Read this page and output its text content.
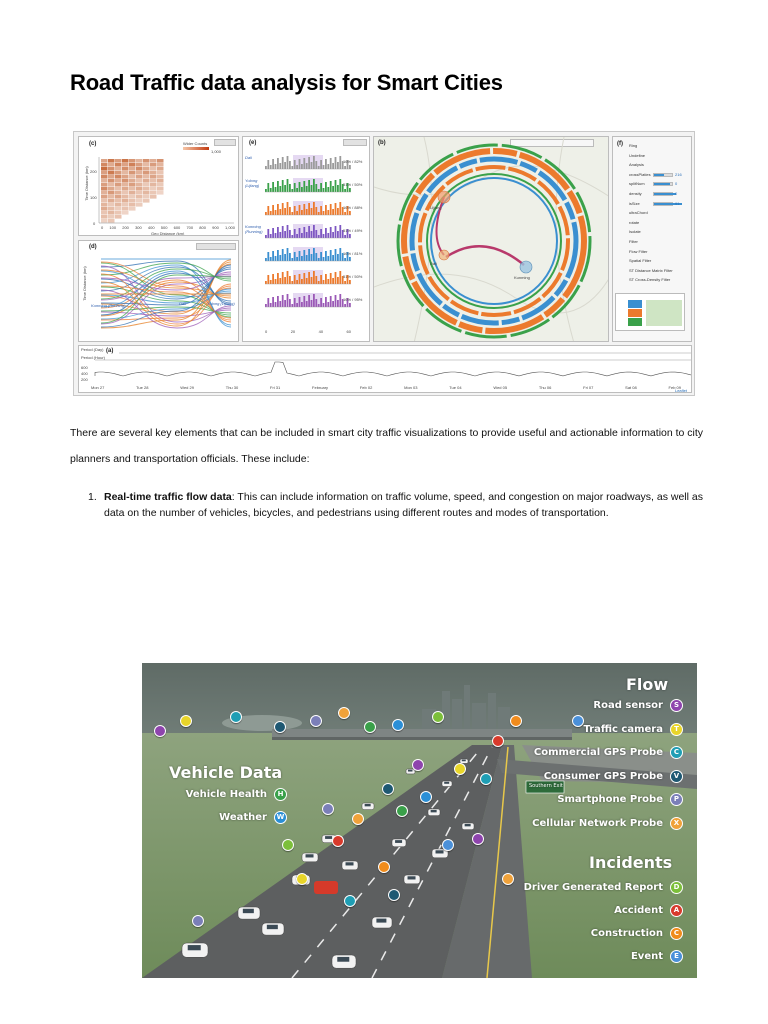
Road Traffic data analysis for Smart Cities
(c)	Wider Counts
1,000
200
100
0
Time Distance (km)
0 100 200 300 400 500 600 700 800 900 1,000
Geo Distance (km)
(d)
Kunming (Running)	Dali	Yulong (Lijiang)
Time Distance (km)
(e)
16% / 82%
Dali
51% / 50%
Yulong (Lijiang)
16% / 88%
51% / 49%
Kunming (Running)
16% / 81%
51% / 50%
16% / 95%
0	20	40	60
(b)
Lijiang
Dali
Kunming
(f) Ring
Undefine
Analysis
crossPlaties	216
splitNum	0
density	0
isSize	91
ultraChord
rotate
Isolate
Filter
Flow Filter
Spatial Filter
ST Distance Matrix Filter
ST Cross-Density Filter
Period (Day)
Period (Hour)
(a)
600
400
200
Mon 27	Tue 28	Wed 29	Thu 30	Fri 31	February	Feb 02	Mon 03	Tue 04	Wed 05	Thu 06	Fri 07	Sat 08	Feb 09
Leaflet

There are several key elements that can be included in smart city traffic visualizations to provide useful and actionable information to city planners and transportation officials. These include:

1. Real-time traffic flow data: This can include information on traffic volume, speed, and congestion on major roadways, as well as data on the number of vehicles, bicycles, and pedestrians using different routes and modes of transportation.
Southern Exit
Flow
Road sensor	S
Traffic camera	T
Commercial GPS Probe	C
Consumer GPS Probe	V
Smartphone Probe	P
Cellular Network Probe	X
Vehicle Data
Vehicle Health	H
Weather	W
Incidents
Driver Generated Report	D
Accident	A
Construction	C
Event	E
